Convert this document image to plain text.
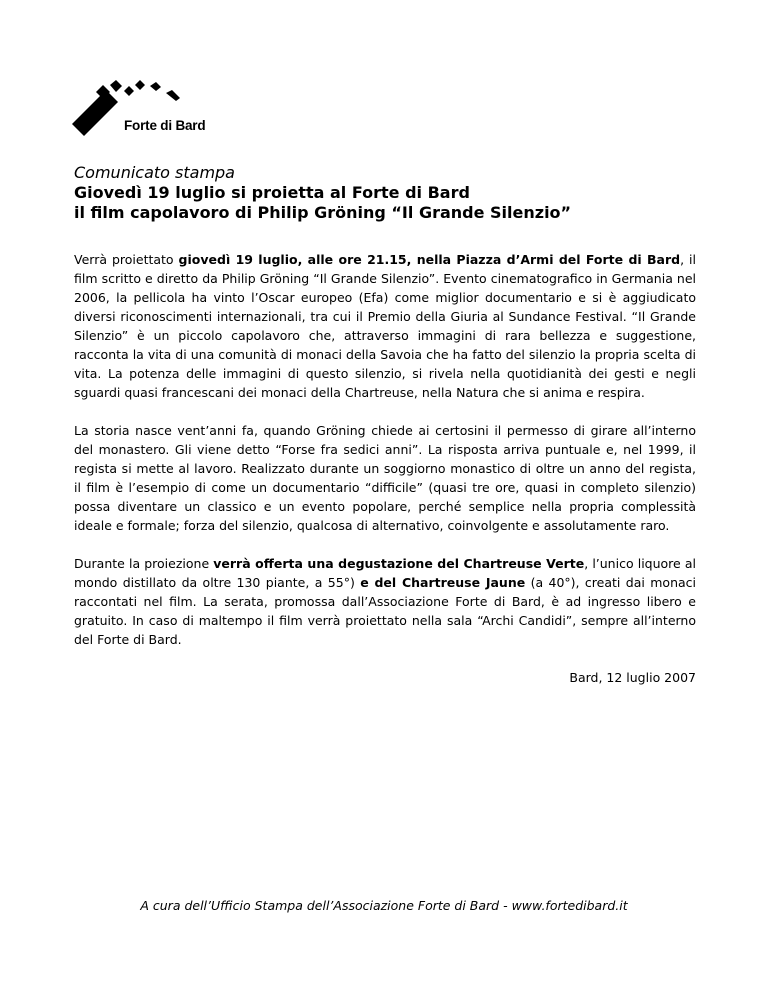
Forte di Bard
Comunicato stampa
Giovedì 19 luglio si proietta al Forte di Bard
il film capolavoro di Philip Gröning “Il Grande Silenzio”

Verrà proiettato giovedì 19 luglio, alle ore 21.15, nella Piazza d’Armi del Forte di Bard, il film scritto e diretto da Philip Gröning “Il Grande Silenzio”. Evento cinematografico in Germania nel 2006, la pellicola ha vinto l’Oscar europeo (Efa) come miglior documentario e si è aggiudicato diversi riconoscimenti internazionali, tra cui il Premio della Giuria al Sundance Festival. “Il Grande Silenzio” è un piccolo capolavoro che, attraverso immagini di rara bellezza e suggestione, racconta la vita di una comunità di monaci della Savoia che ha fatto del silenzio la propria scelta di vita. La potenza delle immagini di questo silenzio, si rivela nella quotidianità dei gesti e negli sguardi quasi francescani dei monaci della Chartreuse, nella Natura che si anima e respira.

La storia nasce vent’anni fa, quando Gröning chiede ai certosini il permesso di girare all’interno del monastero. Gli viene detto “Forse fra sedici anni”. La risposta arriva puntuale e, nel 1999, il regista si mette al lavoro. Realizzato durante un soggiorno monastico di oltre un anno del regista, il film è l’esempio di come un documentario “difficile” (quasi tre ore, quasi in completo silenzio) possa diventare un classico e un evento popolare, perché semplice nella propria complessità ideale e formale; forza del silenzio, qualcosa di alternativo, coinvolgente e assolutamente raro.

Durante la proiezione verrà offerta una degustazione del Chartreuse Verte, l’unico liquore al mondo distillato da oltre 130 piante, a 55°) e del Chartreuse Jaune (a 40°), creati dai monaci raccontati nel film. La serata, promossa dall’Associazione Forte di Bard, è ad ingresso libero e gratuito. In caso di maltempo il film verrà proiettato nella sala “Archi Candidi”, sempre all’interno del Forte di Bard.

Bard, 12 luglio 2007
A cura dell’Ufficio Stampa dell’Associazione Forte di Bard - www.fortedibard.it
